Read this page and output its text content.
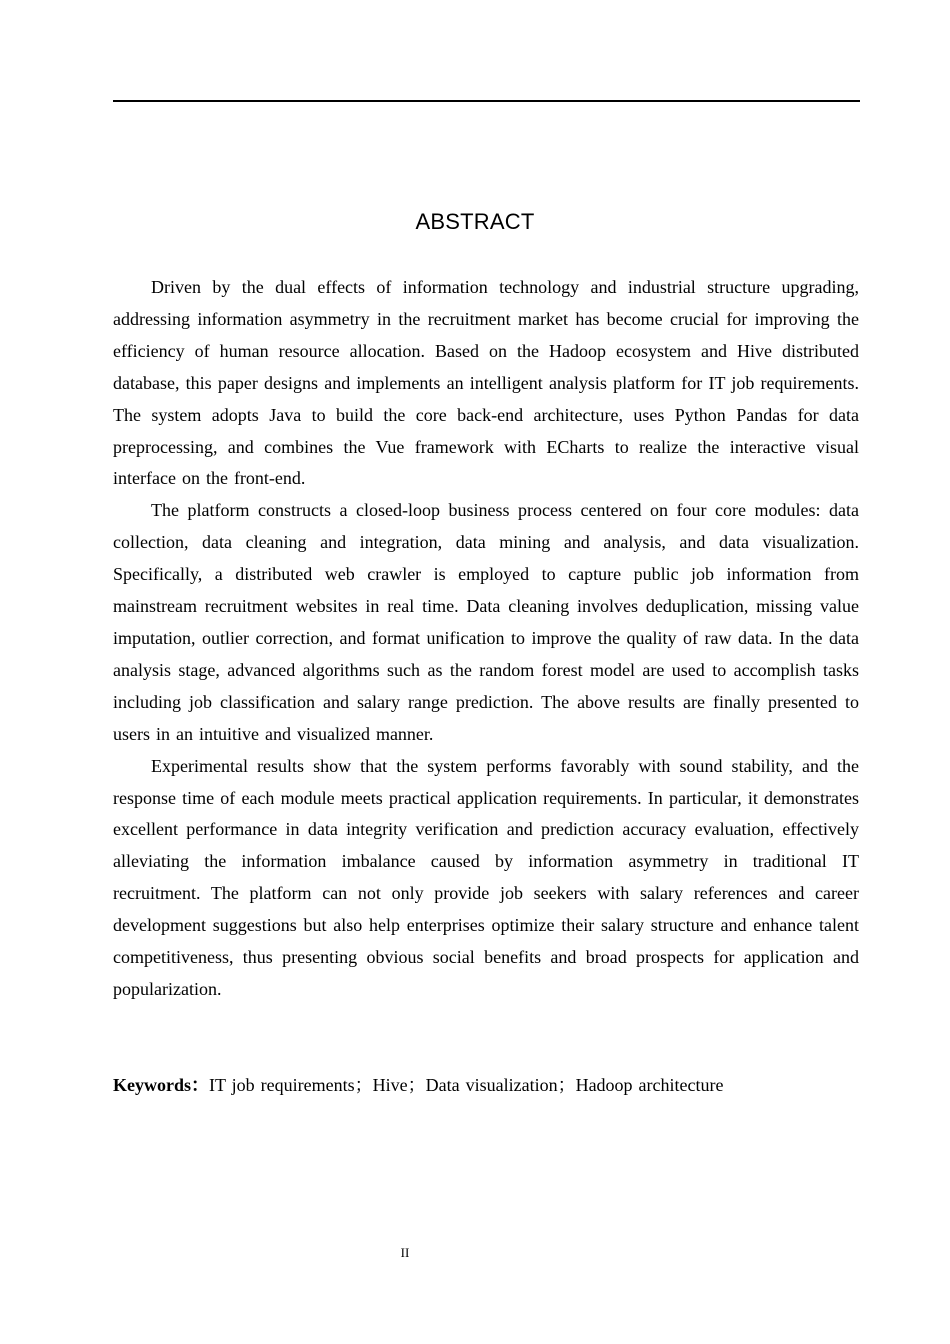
ABSTRACT

Driven by the dual effects of information technology and industrial structure upgrading, addressing information asymmetry in the recruitment market has become crucial for improving the efficiency of human resource allocation. Based on the Hadoop ecosystem and Hive distributed database, this paper designs and implements an intelligent analysis platform for IT job requirements. The system adopts Java to build the core back-end architecture, uses Python Pandas for data preprocessing, and combines the Vue framework with ECharts to realize the interactive visual interface on the front-end.

The platform constructs a closed-loop business process centered on four core modules: data collection, data cleaning and integration, data mining and analysis, and data visualization. Specifically, a distributed web crawler is employed to capture public job information from mainstream recruitment websites in real time. Data cleaning involves deduplication, missing value imputation, outlier correction, and format unification to improve the quality of raw data. In the data analysis stage, advanced algorithms such as the random forest model are used to accomplish tasks including job classification and salary range prediction. The above results are finally presented to users in an intuitive and visualized manner.

Experimental results show that the system performs favorably with sound stability, and the response time of each module meets practical application requirements. In particular, it demonstrates excellent performance in data integrity verification and prediction accuracy evaluation, effectively alleviating the information imbalance caused by information asymmetry in traditional IT recruitment. The platform can not only provide job seekers with salary references and career development suggestions but also help enterprises optimize their salary structure and enhance talent competitiveness, thus presenting obvious social benefits and broad prospects for application and popularization.

Keywords：IT job requirements；Hive；Data visualization；Hadoop architecture
II
